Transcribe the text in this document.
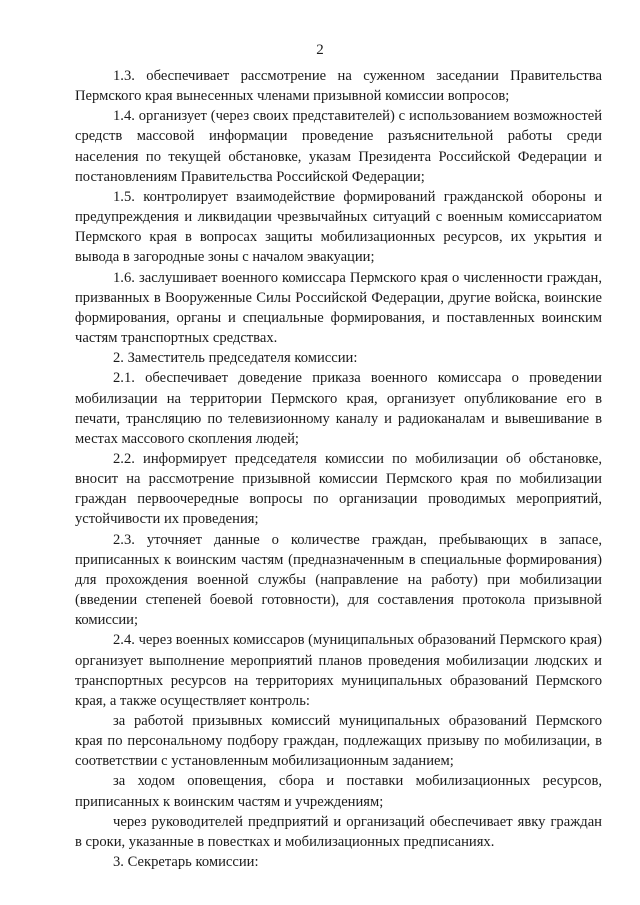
2

1.3. обеспечивает рассмотрение на суженном заседании Правительства Пермского края вынесенных членами призывной комиссии вопросов;

1.4. организует (через своих представителей) с использованием возможностей средств массовой информации проведение разъяснительной работы среди населения по текущей обстановке, указам Президента Российской Федерации и постановлениям Правительства Российской Федерации;

1.5. контролирует взаимодействие формирований гражданской обороны и предупреждения и ликвидации чрезвычайных ситуаций с военным комиссариатом Пермского края в вопросах защиты мобилизационных ресурсов, их укрытия и вывода в загородные зоны с началом эвакуации;

1.6. заслушивает военного комиссара Пермского края о численности граждан, призванных в Вооруженные Силы Российской Федерации, другие войска, воинские формирования, органы и специальные формирования, и поставленных воинским частям транспортных средствах.

2. Заместитель председателя комиссии:

2.1. обеспечивает доведение приказа военного комиссара о проведении мобилизации на территории Пермского края, организует опубликование его в печати, трансляцию по телевизионному каналу и радиоканалам и вывешивание в местах массового скопления людей;

2.2. информирует председателя комиссии по мобилизации об обстановке, вносит на рассмотрение призывной комиссии Пермского края по мобилизации граждан первоочередные вопросы по организации проводимых мероприятий, устойчивости их проведения;

2.3. уточняет данные о количестве граждан, пребывающих в запасе, приписанных к воинским частям (предназначенным в специальные формирования) для прохождения военной службы (направление на работу) при мобилизации (введении степеней боевой готовности), для составления протокола призывной комиссии;

2.4. через военных комиссаров (муниципальных образований Пермского края) организует выполнение мероприятий планов проведения мобилизации людских и транспортных ресурсов на территориях муниципальных образований Пермского края, а также осуществляет контроль:

за работой призывных комиссий муниципальных образований Пермского края по персональному подбору граждан, подлежащих призыву по мобилизации, в соответствии с установленным мобилизационным заданием;

за ходом оповещения, сбора и поставки мобилизационных ресурсов, приписанных к воинским частям и учреждениям;

через руководителей предприятий и организаций обеспечивает явку граждан в сроки, указанные в повестках и мобилизационных предписаниях.

3. Секретарь комиссии:
